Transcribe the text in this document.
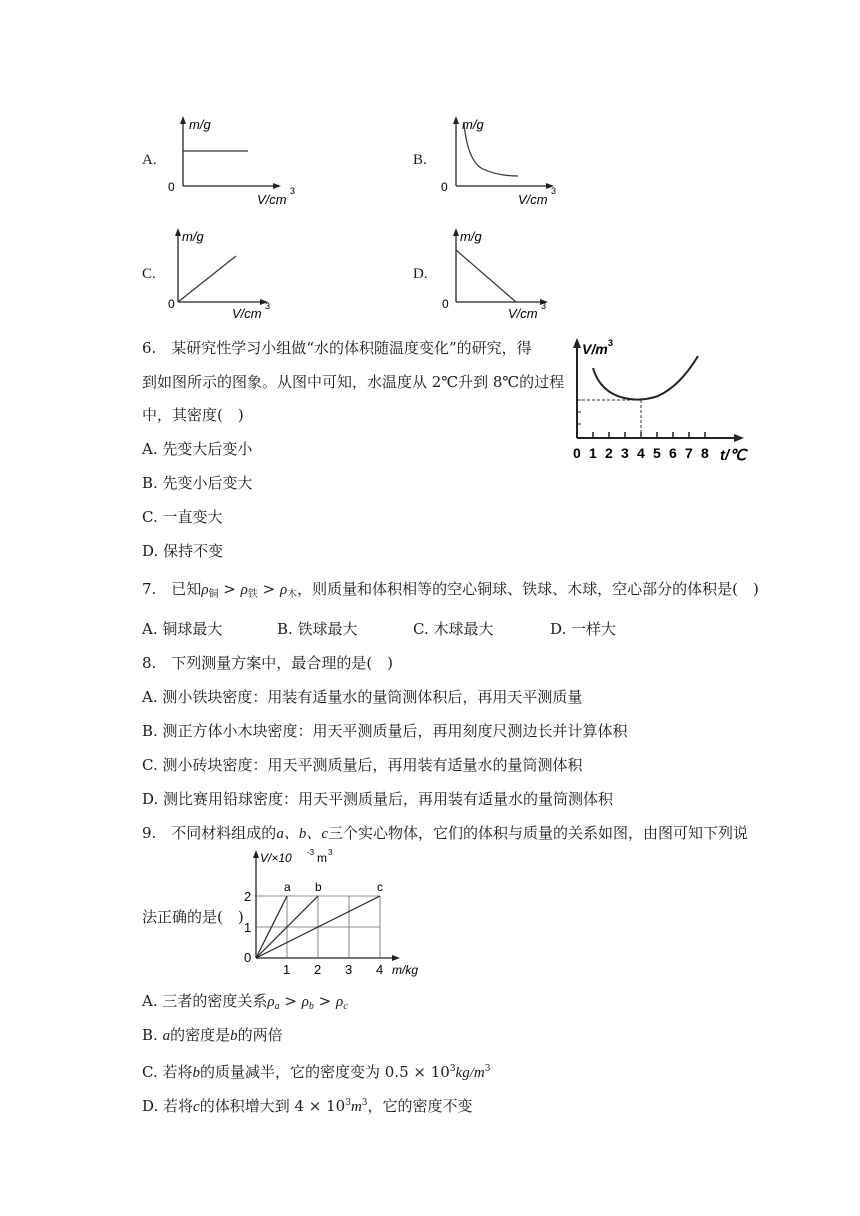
A.
m/g
0
V/cm
3
B.
m/g
0
V/cm
3
C.
m/g
0
V/cm 3
D.
m/g
0
V/cm 3
6.　某研究性学习小组做“水的体积随温度变化”的研究，得
到如图所示的图象。从图中可知，水温度从 2℃升到 8℃的过程
中，其密度(　)
A. 先变大后变小
B. 先变小后变大
C. 一直变大
D. 保持不变
V/m 3
0 1 2 3 4 5 6 7 8 t/℃
7.　已知$\rho_铜 > \rho_铁 > \rho_木$，则质量和体积相等的空心铜球、铁球、木球，空心部分的体积是(　)
A. 铜球最大	B. 铁球最大	C. 木球最大	D. 一样大
8.　下列测量方案中，最合理的是(　)
A. 测小铁块密度：用装有适量水的量筒测体积后，再用天平测质量
B. 测正方体小木块密度：用天平测质量后，再用刻度尺测边长并计算体积
C. 测小砖块密度：用天平测质量后，再用装有适量水的量筒测体积
D. 测比赛用铅球密度：用天平测质量后，再用装有适量水的量筒测体积
9.　不同材料组成的a、b、c三个实心物体，它们的体积与质量的关系如图，由图可知下列说
法正确的是(　)
a b	c
1 2 3 4
1
2
V/×10 -3 m 3
0
m/kg
A. 三者的密度关系$\rho_a > \rho_b > \rho_c$
B. a的密度是b的两倍
C. 若将b的质量减半，它的密度变为 $0.5 \times 10^3kg/m^3$
D. 若将c的体积增大到 $4 \times 10^3m^3$，它的密度不变
